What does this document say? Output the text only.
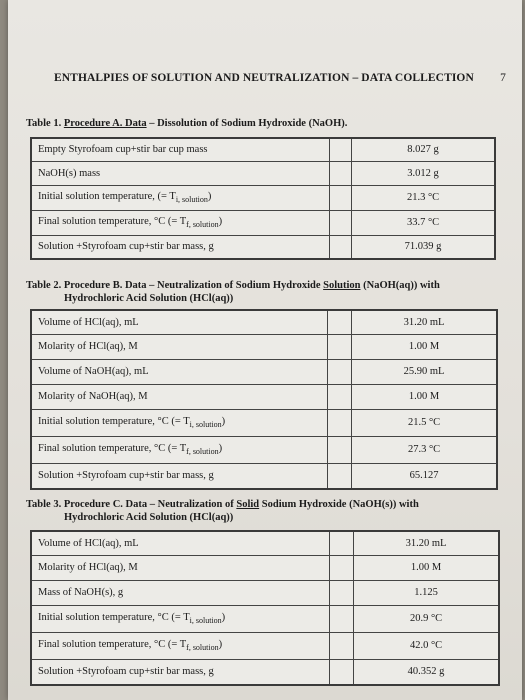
ENTHALPIES OF SOLUTION AND NEUTRALIZATION – DATA COLLECTION 7
Table 1. Procedure A. Data – Dissolution of Sodium Hydroxide (NaOH).
Empty Styrofoam cup+stir bar cup mass		8.027 g
NaOH(s) mass		3.012 g
Initial solution temperature, (= $T_{i, solution}$)		21.3 °C
Final solution temperature, °C (= $T_{f, solution}$)		33.7 °C
Solution +Styrofoam cup+stir bar mass, g		71.039 g
Table 2. Procedure B. Data – Neutralization of Sodium Hydroxide Solution (NaOH(aq)) with
Hydrochloric Acid Solution (HCl(aq))
Volume of HCl(aq), mL		31.20 mL
Molarity of HCl(aq), M		1.00 M
Volume of NaOH(aq), mL		25.90 mL
Molarity of NaOH(aq), M		1.00 M
Initial solution temperature, °C (= $T_{i, solution}$)		21.5 °C
Final solution temperature, °C (= $T_{f, solution}$)		27.3 °C
Solution +Styrofoam cup+stir bar mass, g		65.127
Table 3. Procedure C. Data – Neutralization of Solid Sodium Hydroxide (NaOH(s)) with
Hydrochloric Acid Solution (HCl(aq))
Volume of HCl(aq), mL		31.20 mL
Molarity of HCl(aq), M		1.00 M
Mass of NaOH(s), g		1.125
Initial solution temperature, °C (= $T_{i, solution}$)		20.9 °C
Final solution temperature, °C (= $T_{f, solution}$)		42.0 °C
Solution +Styrofoam cup+stir bar mass, g		40.352 g
